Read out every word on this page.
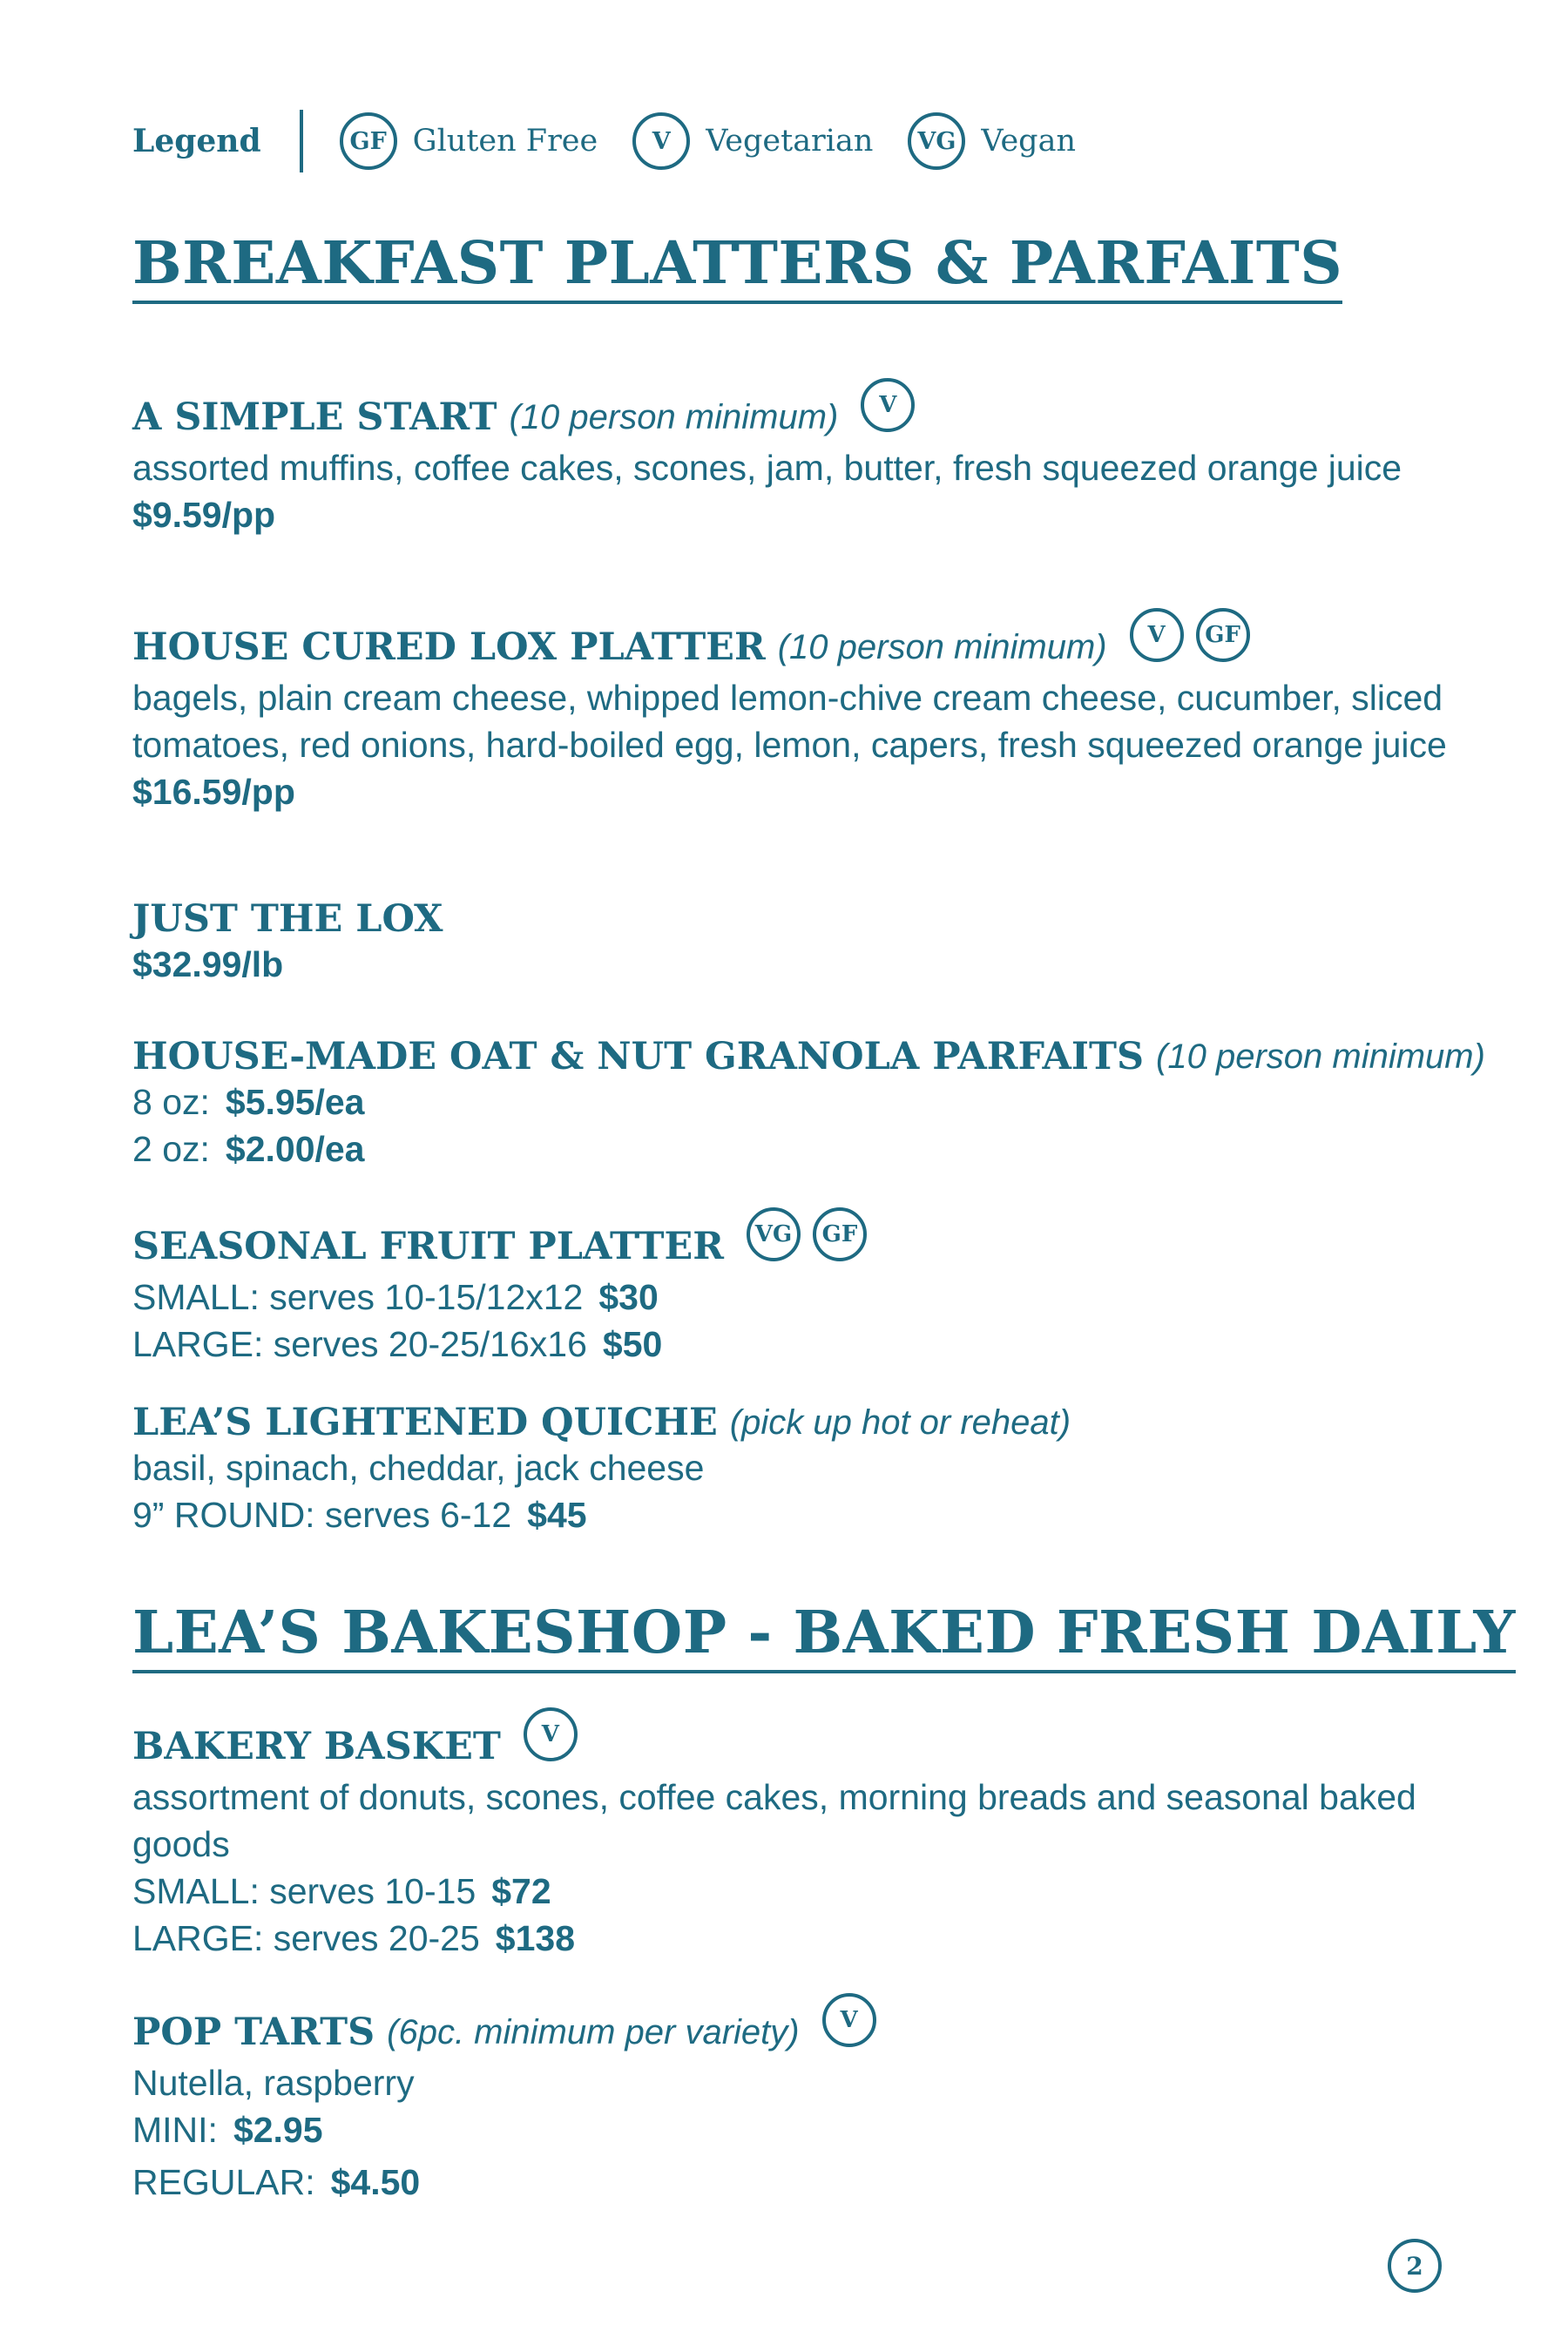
Legend	GF Gluten Free	V	Vegetarian	VG Vegan
BREAKFAST PLATTERS & PARFAITS
A SIMPLE START (10 person minimum)	V
assorted muffins, coffee cakes, scones, jam, butter, fresh squeezed orange juice
$9.59/pp
HOUSE CURED LOX PLATTER (10 person minimum)	V	GF
bagels, plain cream cheese, whipped lemon-chive cream cheese, cucumber, sliced tomatoes, red onions, hard-boiled egg, lemon, capers, fresh squeezed orange juice
$16.59/pp
JUST THE LOX
$32.99/lb
HOUSE-MADE OAT & NUT GRANOLA PARFAITS (10 person minimum)
8 oz: $5.95/ea
2 oz: $2.00/ea
SEASONAL FRUIT PLATTER	VG	GF
SMALL: serves 10-15/12x12 $30
LARGE: serves 20-25/16x16 $50
LEA’S LIGHTENED QUICHE (pick up hot or reheat)
basil, spinach, cheddar, jack cheese
9” ROUND: serves 6-12 $45
LEA’S BAKESHOP - BAKED FRESH DAILY
BAKERY BASKET	V
assortment of donuts, scones, coffee cakes, morning breads and seasonal baked goods
SMALL: serves 10-15 $72
LARGE: serves 20-25 $138
POP TARTS (6pc. minimum per variety)	V
Nutella, raspberry
MINI: $2.95
REGULAR: $4.50
2
